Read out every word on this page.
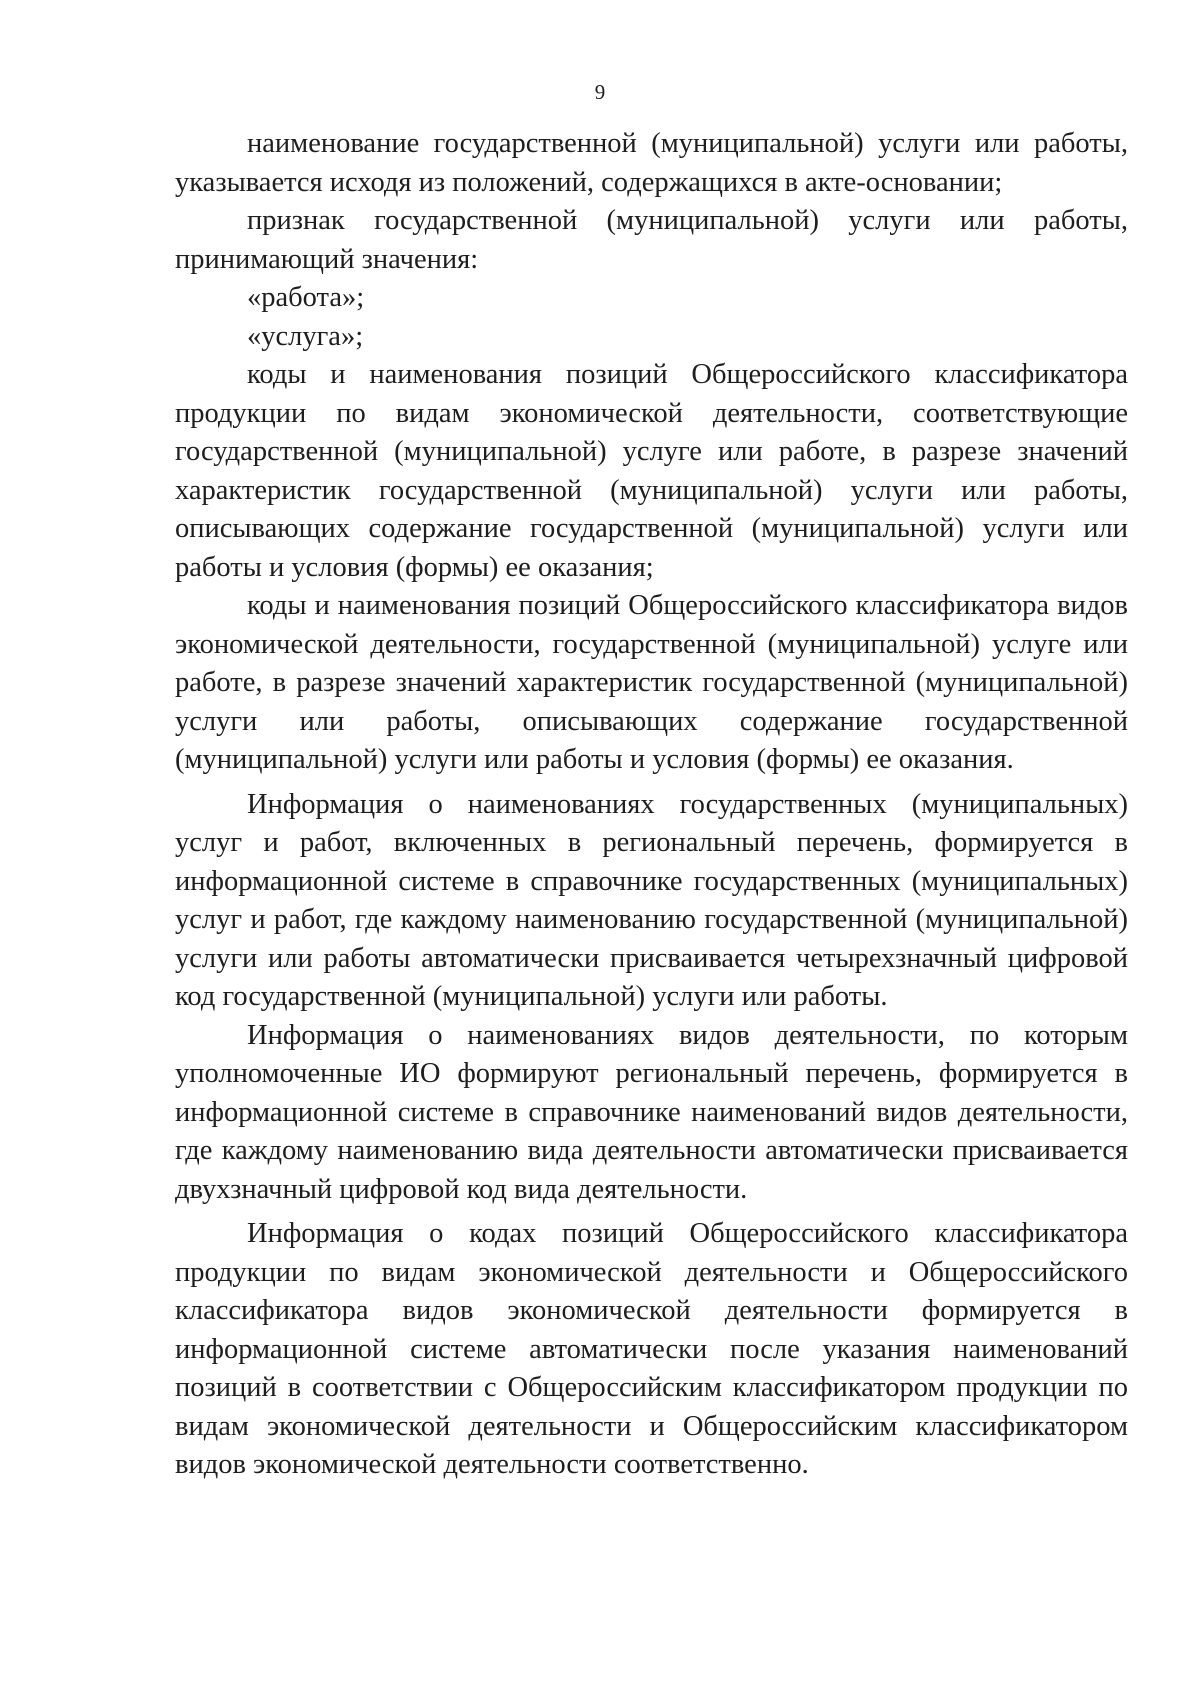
9

наименование государственной (муниципальной) услуги или работы, указывается исходя из положений, содержащихся в акте-основании;

признак государственной (муниципальной) услуги или работы, принимающий значения:

«работа»;

«услуга»;

коды и наименования позиций Общероссийского классификатора продукции по видам экономической деятельности, соответствующие государственной (муниципальной) услуге или работе, в разрезе значений характеристик государственной (муниципальной) услуги или работы, описывающих содержание государственной (муниципальной) услуги или работы и условия (формы) ее оказания;

коды и наименования позиций Общероссийского классификатора видов экономической деятельности, государственной (муниципальной) услуге или работе, в разрезе значений характеристик государственной (муниципальной) услуги или работы, описывающих содержание государственной (муниципальной) услуги или работы и условия (формы) ее оказания.

Информация о наименованиях государственных (муниципальных) услуг и работ, включенных в региональный перечень, формируется в информационной системе в справочнике государственных (муниципальных) услуг и работ, где каждому наименованию государственной (муниципальной) услуги или работы автоматически присваивается четырехзначный цифровой код государственной (муниципальной) услуги или работы.

Информация о наименованиях видов деятельности, по которым уполномоченные ИО формируют региональный перечень, формируется в информационной системе в справочнике наименований видов деятельности, где каждому наименованию вида деятельности автоматически присваивается двухзначный цифровой код вида деятельности.

Информация о кодах позиций Общероссийского классификатора продукции по видам экономической деятельности и Общероссийского классификатора видов экономической деятельности формируется в информационной системе автоматически после указания наименований позиций в соответствии с Общероссийским классификатором продукции по видам экономической деятельности и Общероссийским классификатором видов экономической деятельности соответственно.
